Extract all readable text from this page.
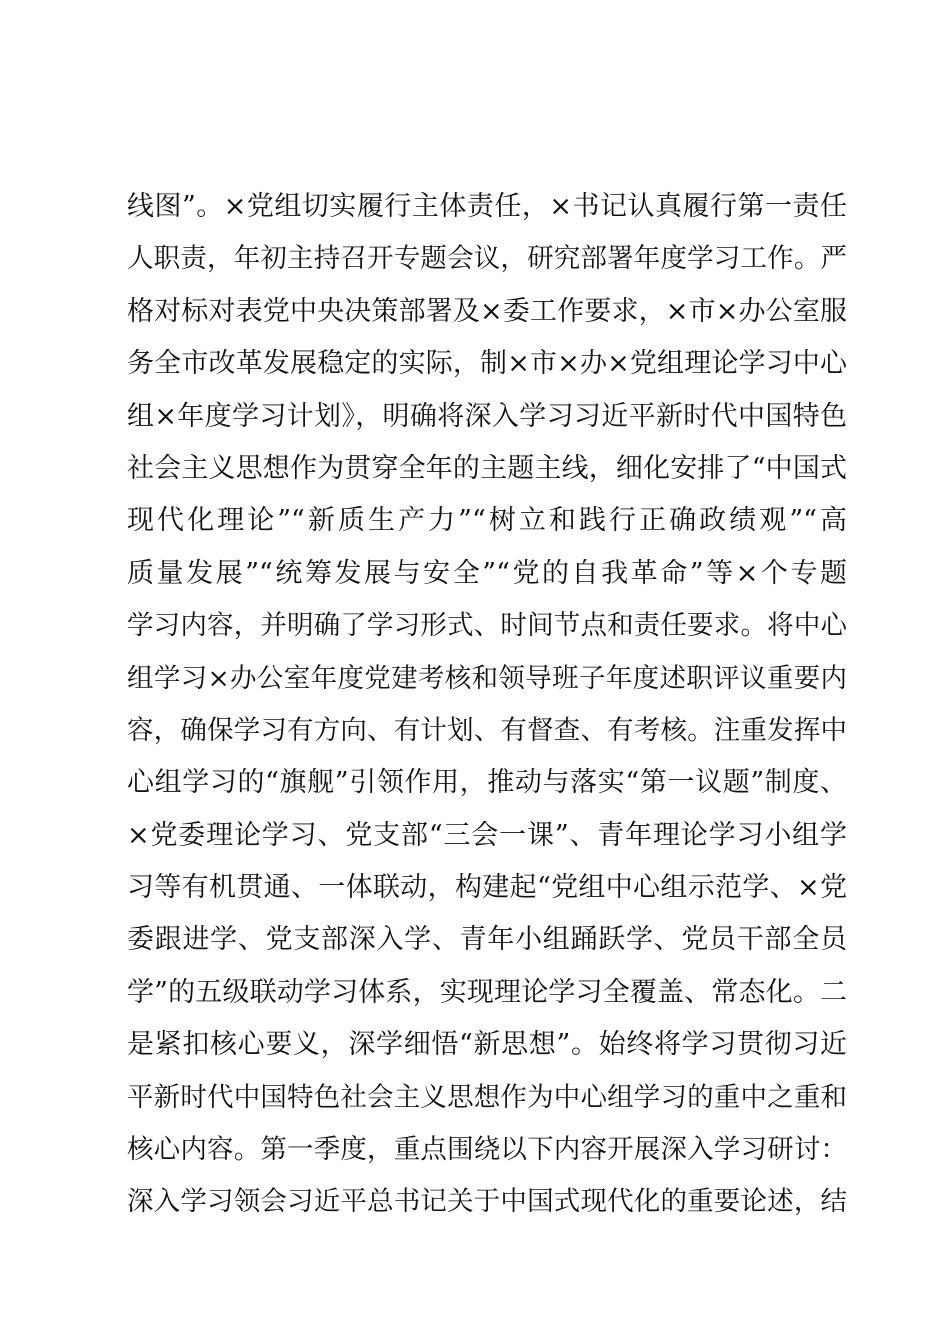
线图”。×党组切实履行主体责任，×书记认真履行第一责任
人职责，年初主持召开专题会议，研究部署年度学习工作。严
格对标对表党中央决策部署及×委工作要求，×市×办公室服
务全市改革发展稳定的实际，制×市×办×党组理论学习中心
组×年度学习计划》，明确将深入学习习近平新时代中国特色
社会主义思想作为贯穿全年的主题主线，细化安排了“中国式
现代化理论”“新质生产力”“树立和践行正确政绩观”“高
质量发展”“统筹发展与安全”“党的自我革命”等×个专题
学习内容，并明确了学习形式、时间节点和责任要求。将中心
组学习×办公室年度党建考核和领导班子年度述职评议重要内
容，确保学习有方向、有计划、有督查、有考核。注重发挥中
心组学习的“旗舰”引领作用，推动与落实“第一议题”制度、
×党委理论学习、党支部“三会一课”、青年理论学习小组学
习等有机贯通、一体联动，构建起“党组中心组示范学、×党
委跟进学、党支部深入学、青年小组踊跃学、党员干部全员
学”的五级联动学习体系，实现理论学习全覆盖、常态化。二
是紧扣核心要义，深学细悟“新思想”。始终将学习贯彻习近
平新时代中国特色社会主义思想作为中心组学习的重中之重和
核心内容。第一季度，重点围绕以下内容开展深入学习研讨：
深入学习领会习近平总书记关于中国式现代化的重要论述，结
